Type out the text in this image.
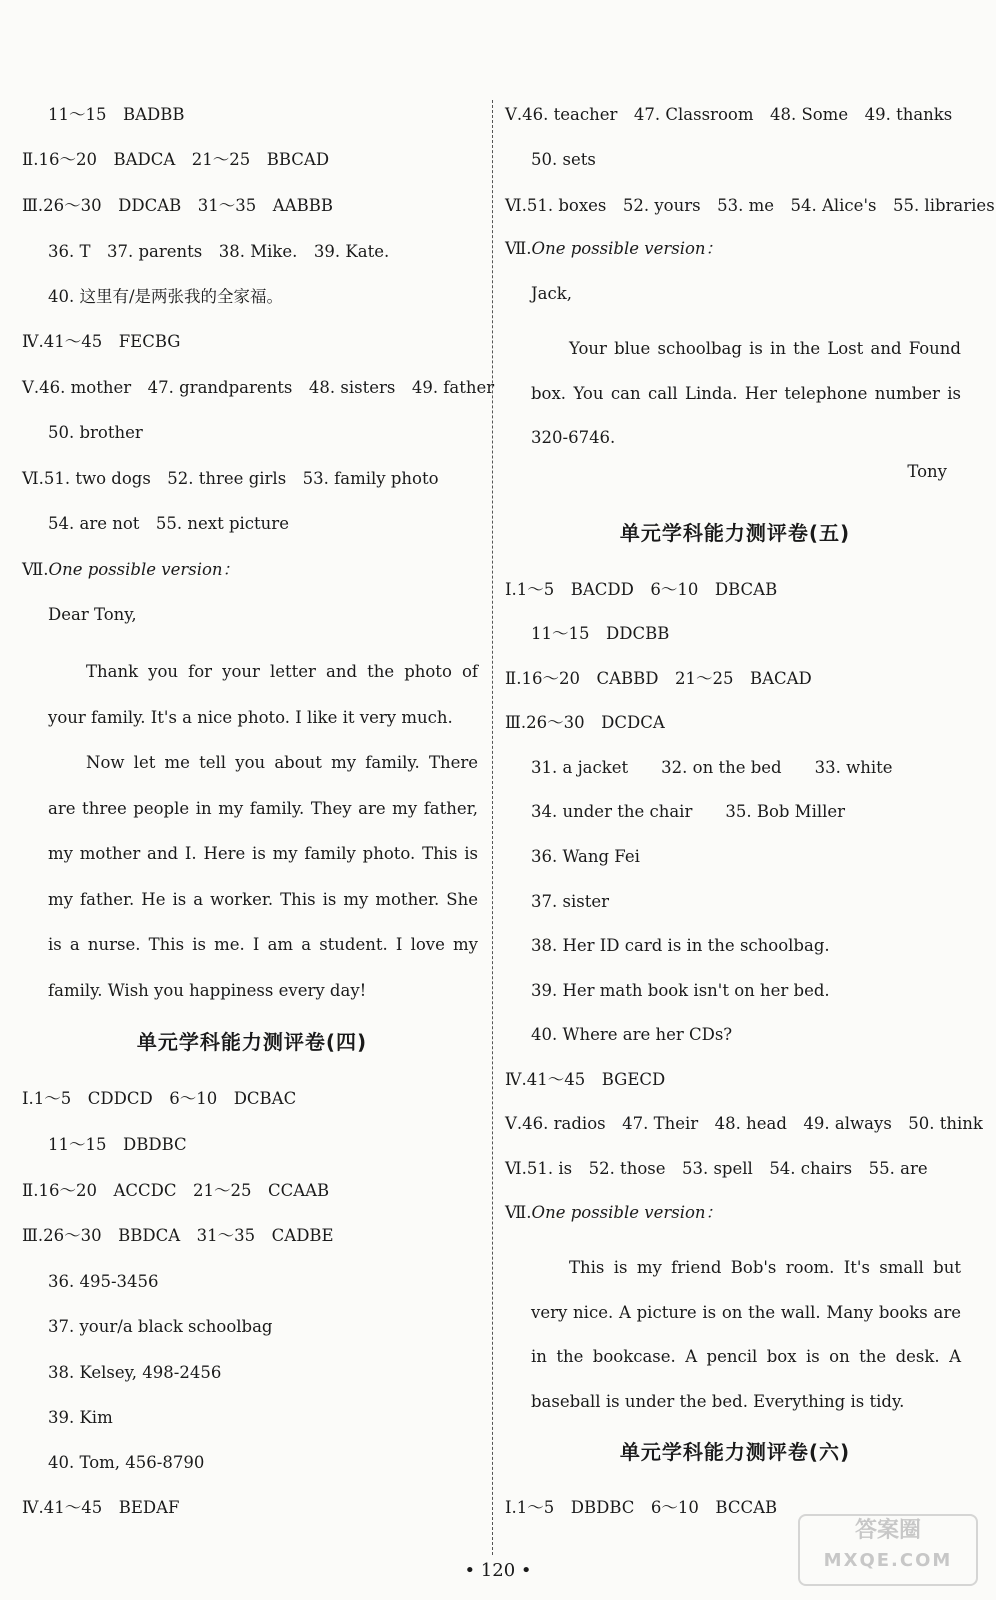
11～15　BADBB
Ⅱ.16～20　BADCA　21～25　BBCAD
Ⅲ.26～30　DDCAB　31～35　AABBB
36. T　37. parents　38. Mike.　39. Kate.
40. 这里有/是两张我的全家福。
Ⅳ.41～45　FECBG
Ⅴ.46. mother　47. grandparents　48. sisters　49. father
50. brother
Ⅵ.51. two dogs　52. three girls　53. family photo
54. are not　55. next picture
Dear Tony,
Ⅶ.One possible version：
Thank you for your letter and the photo of your family. It's a nice photo. I like it very much.
Now let me tell you about my family. There are three people in my family. They are my father, my mother and I. Here is my family photo. This is my father. He is a worker. This is my mother. She is a nurse. This is me. I am a student. I love my family. Wish you happiness every day!
单元学科能力测评卷(四)
Ⅰ.1～5　CDDCD　6～10　DCBAC
11～15　DBDBC
Ⅱ.16～20　ACCDC　21～25　CCAAB
Ⅲ.26～30　BBDCA　31～35　CADBE
36. 495-3456
37. your/a black schoolbag
38. Kelsey, 498-2456
39. Kim
40. Tom, 456-8790
Ⅳ.41～45　BEDAF
Ⅴ.46. teacher　47. Classroom　48. Some　49. thanks
50. sets
Ⅵ.51. boxes　52. yours　53. me　54. Alice's　55. libraries
Jack,
Ⅶ.One possible version：
Your blue schoolbag is in the Lost and Found box. You can call Linda. Her telephone number is 320-6746.
Tony
单元学科能力测评卷(五)
Ⅰ.1～5　BACDD　6～10　DBCAB
11～15　DDCBB
Ⅱ.16～20　CABBD　21～25　BACAD
Ⅲ.26～30　DCDCA
31. a jacket　　32. on the bed　　33. white
34. under the chair　　35. Bob Miller
36. Wang Fei
37. sister
38. Her ID card is in the schoolbag.
39. Her math book isn't on her bed.
40. Where are her CDs?
Ⅳ.41～45　BGECD
Ⅴ.46. radios　47. Their　48. head　49. always　50. think
Ⅵ.51. is　52. those　53. spell　54. chairs　55. are
Ⅶ.One possible version：
This is my friend Bob's room. It's small but very nice. A picture is on the wall. Many books are in the bookcase. A pencil box is on the desk. A baseball is under the bed. Everything is tidy.
单元学科能力测评卷(六)
Ⅰ.1～5　DBDBC　6～10　BCCAB
• 120 •
答案圈
MXQE.COM
